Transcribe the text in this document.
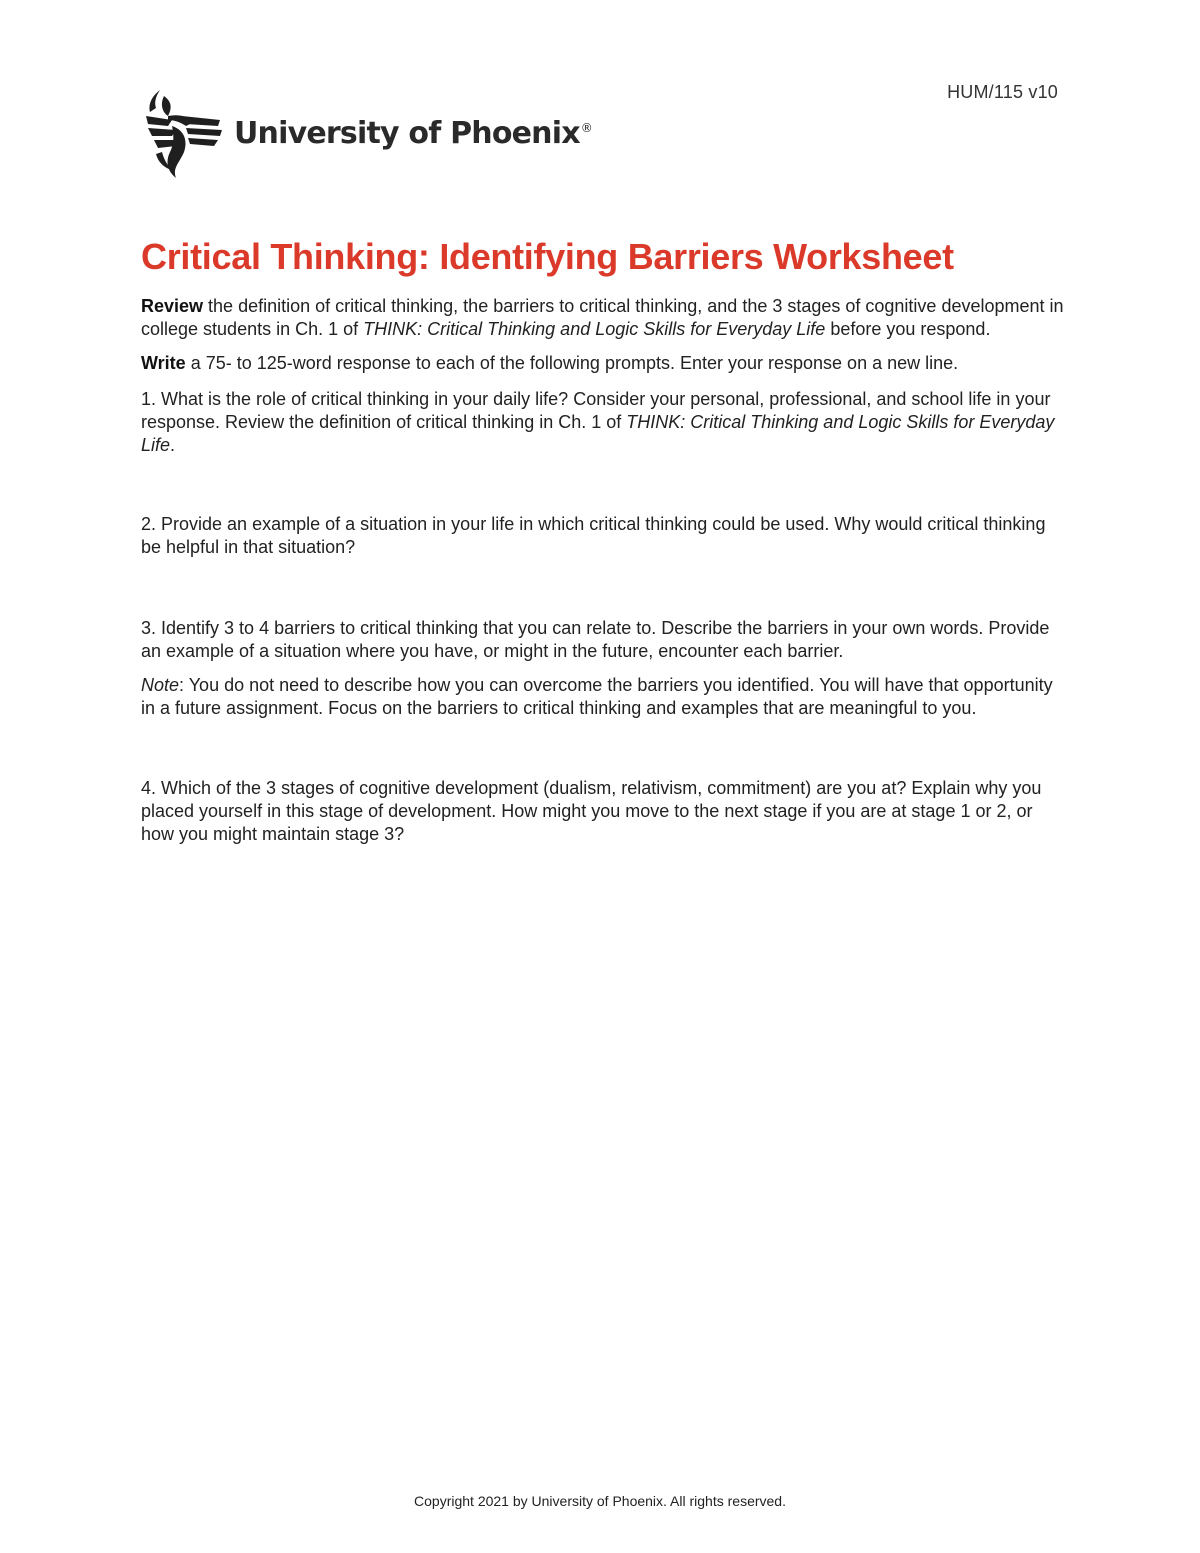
HUM/115 v10
University of Phoenix®
Critical Thinking: Identifying Barriers Worksheet

Review the definition of critical thinking, the barriers to critical thinking, and the 3 stages of cognitive development in college students in Ch. 1 of THINK: Critical Thinking and Logic Skills for Everyday Life before you respond.

Write a 75- to 125-word response to each of the following prompts. Enter your response on a new line.

1. What is the role of critical thinking in your daily life? Consider your personal, professional, and school life in your response. Review the definition of critical thinking in Ch. 1 of THINK: Critical Thinking and Logic Skills for Everyday Life.

2. Provide an example of a situation in your life in which critical thinking could be used. Why would critical thinking be helpful in that situation?

3. Identify 3 to 4 barriers to critical thinking that you can relate to. Describe the barriers in your own words. Provide an example of a situation where you have, or might in the future, encounter each barrier.

Note: You do not need to describe how you can overcome the barriers you identified. You will have that opportunity in a future assignment. Focus on the barriers to critical thinking and examples that are meaningful to you.

4. Which of the 3 stages of cognitive development (dualism, relativism, commitment) are you at? Explain why you placed yourself in this stage of development. How might you move to the next stage if you are at stage 1 or 2, or how you might maintain stage 3?

Copyright 2021 by University of Phoenix. All rights reserved.
